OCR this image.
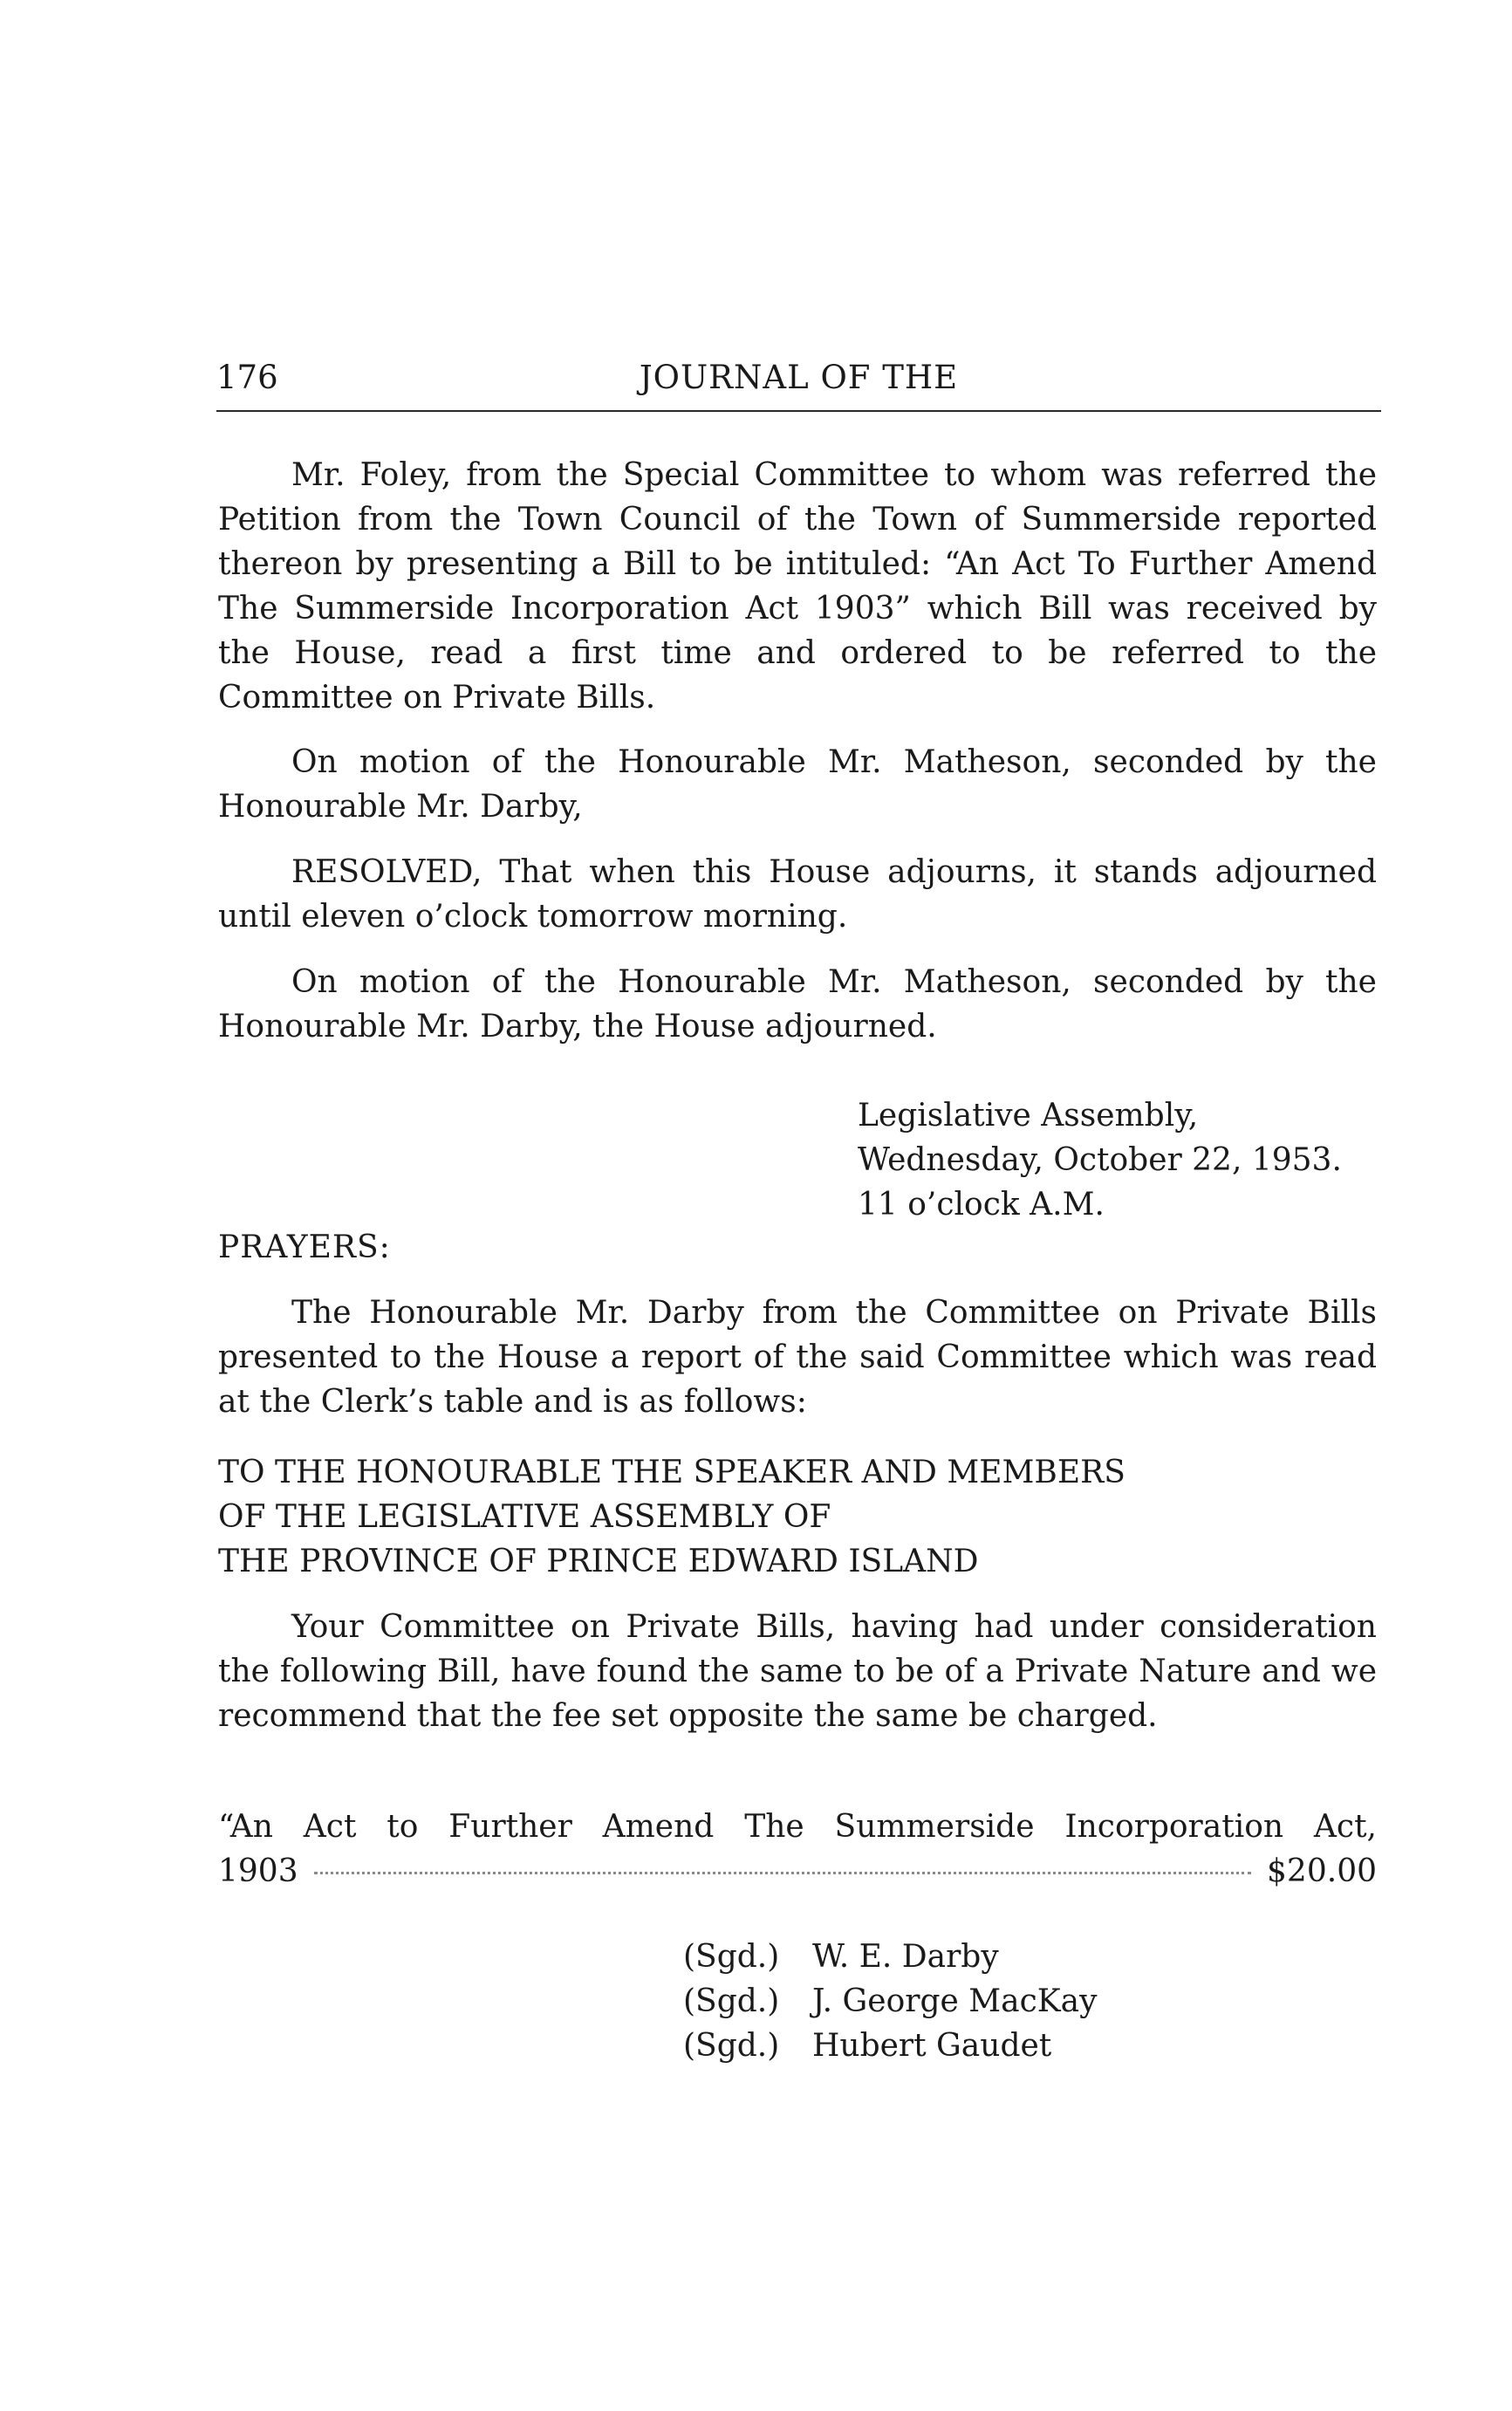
176	JOURNAL OF THE

Mr. Foley, from the Special Committee to whom was referred the Petition from the Town Council of the Town of Summerside reported thereon by presenting a Bill to be intituled: “An Act To Further Amend The Summerside Incorporation Act 1903” which Bill was received by the House, read a first time and ordered to be referred to the Committee on Private Bills.

On motion of the Honourable Mr. Matheson, seconded by the Honourable Mr. Darby,

RESOLVED, That when this House adjourns, it stands adjourned until eleven o’clock tomorrow morning.

On motion of the Honourable Mr. Matheson, seconded by the Honourable Mr. Darby, the House adjourned.

Legislative Assembly,
Wednesday, October 22, 1953.
11 o’clock A.M.
PRAYERS:

The Honourable Mr. Darby from the Committee on Private Bills presented to the House a report of the said Committee which was read at the Clerk’s table and is as follows:

TO THE HONOURABLE THE SPEAKER AND MEMBERS
OF THE LEGISLATIVE ASSEMBLY OF
THE PROVINCE OF PRINCE EDWARD ISLAND

Your Committee on Private Bills, having had under consideration the following Bill, have found the same to be of a Private Nature and we recommend that the fee set opposite the same be charged.

“An Act to Further Amend The Summerside Incorporation Act,
1903	$20.00
(Sgd.)	W. E. Darby
(Sgd.)	J. George MacKay
(Sgd.)	Hubert Gaudet
